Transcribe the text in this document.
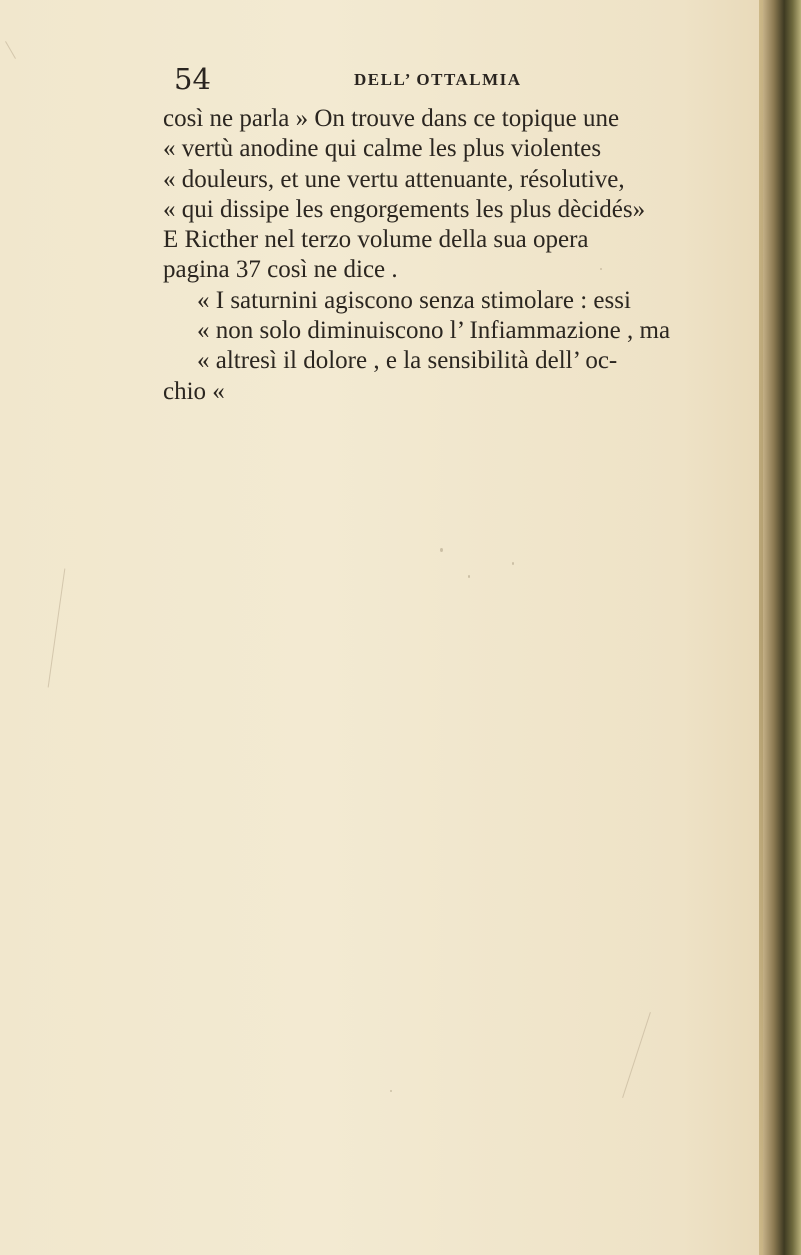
54	DELL’ OTTALMIA
così ne parla » On trouve dans ce topique une
« vertù anodine qui calme les plus violentes
« douleurs, et une vertu attenuante, résolutive,
« qui dissipe les engorgements les plus dècidés»
E Ricther nel terzo volume della sua opera
pagina 37 così ne dice .
« I saturnini agiscono senza stimolare : essi
« non solo diminuiscono l’ Infiammazione , ma
« altresì il dolore , e la sensibilità dell’ oc-
chio «
